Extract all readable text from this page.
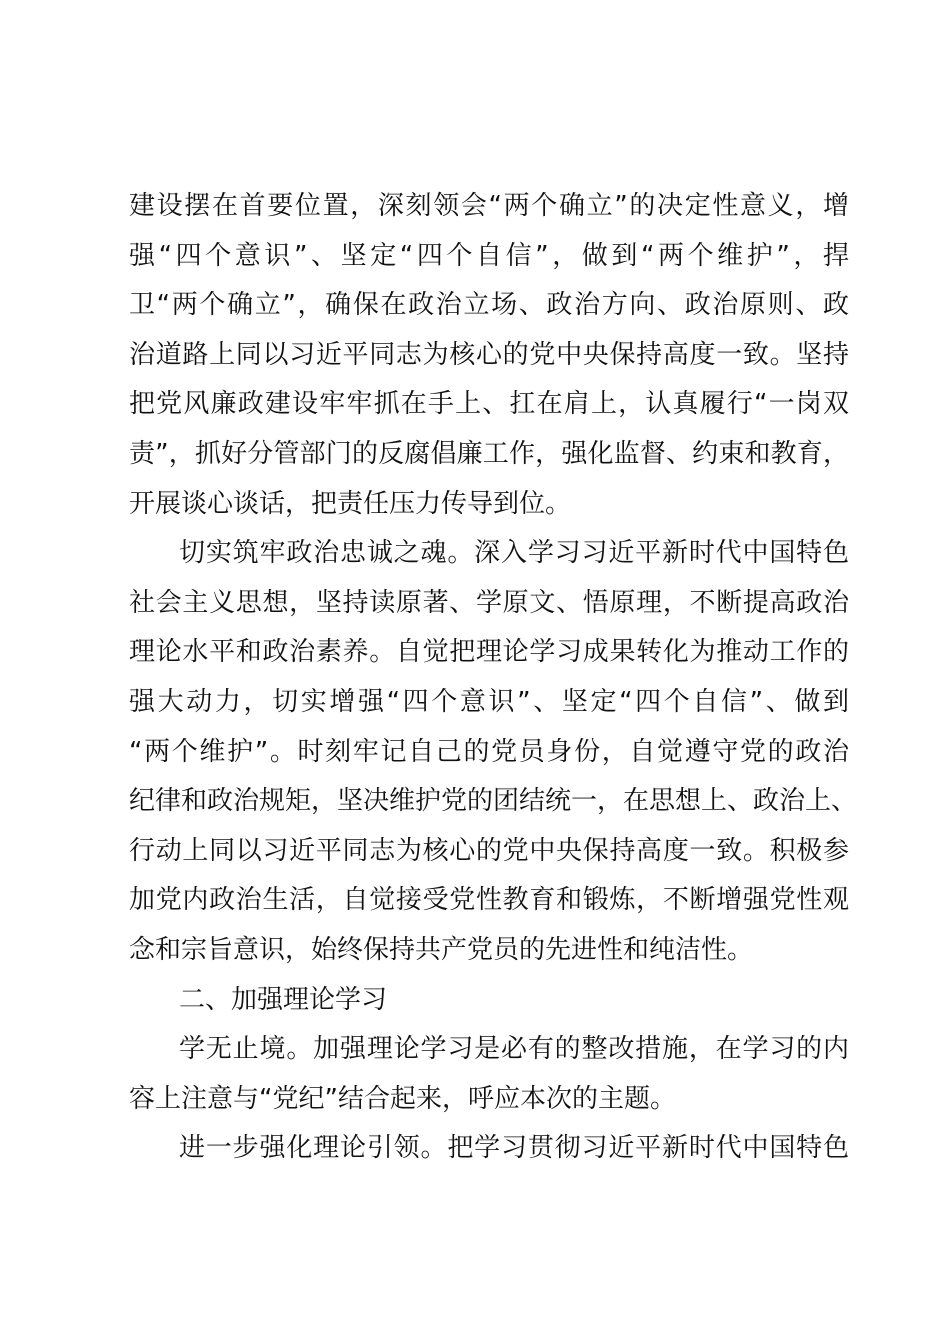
建设摆在首要位置，深刻领会“两个确立”的决定性意义，增
强“四个意识”、坚定“四个自信”，做到“两个维护”，捍
卫“两个确立”，确保在政治立场、政治方向、政治原则、政
治道路上同以习近平同志为核心的党中央保持高度一致。坚持
把党风廉政建设牢牢抓在手上、扛在肩上，认真履行“一岗双
责”，抓好分管部门的反腐倡廉工作，强化监督、约束和教育，
开展谈心谈话，把责任压力传导到位。
切实筑牢政治忠诚之魂。深入学习习近平新时代中国特色
社会主义思想，坚持读原著、学原文、悟原理，不断提高政治
理论水平和政治素养。自觉把理论学习成果转化为推动工作的
强大动力，切实增强“四个意识”、坚定“四个自信”、做到
“两个维护”。时刻牢记自己的党员身份，自觉遵守党的政治
纪律和政治规矩，坚决维护党的团结统一，在思想上、政治上、
行动上同以习近平同志为核心的党中央保持高度一致。积极参
加党内政治生活，自觉接受党性教育和锻炼，不断增强党性观
念和宗旨意识，始终保持共产党员的先进性和纯洁性。
二、加强理论学习
学无止境。加强理论学习是必有的整改措施，在学习的内
容上注意与“党纪”结合起来，呼应本次的主题。
进一步强化理论引领。把学习贯彻习近平新时代中国特色
